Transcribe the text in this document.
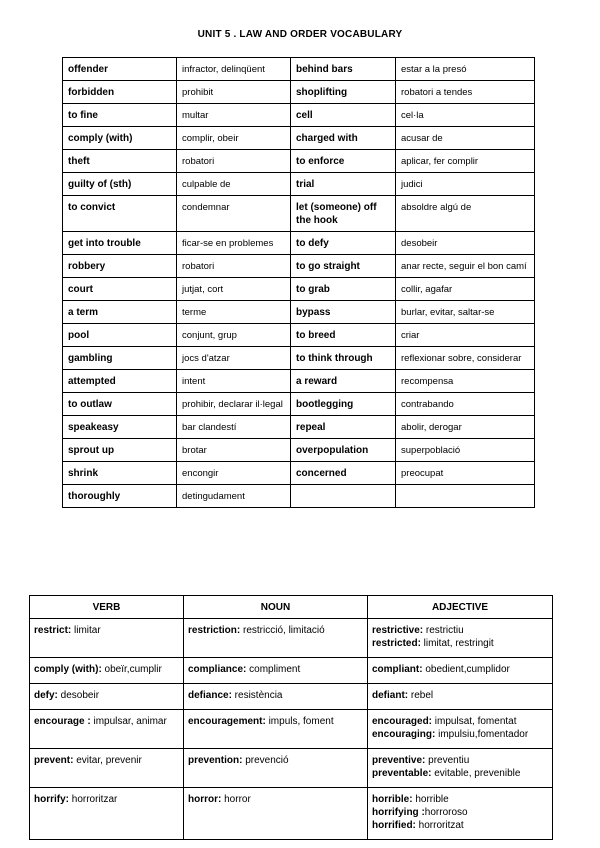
UNIT 5 . LAW AND ORDER VOCABULARY
offender	infractor, delinqüent	behind bars	estar a la presó
forbidden	prohibit	shoplifting	robatori a tendes
to fine	multar	cell	cel·la
comply (with)	complir, obeir	charged with	acusar de
theft	robatori	to enforce	aplicar, fer complir
guilty of (sth)	culpable de	trial	judici
to convict	condemnar	let (someone) off the hook	absoldre algú de
get into trouble	ficar-se en problemes	to defy	desobeir
robbery	robatori	to go straight	anar recte, seguir el bon camí
court	jutjat, cort	to grab	collir, agafar
a term	terme	bypass	burlar, evitar, saltar-se
pool	conjunt, grup	to breed	criar
gambling	jocs d'atzar	to think through	reflexionar sobre, considerar
attempted	intent	a reward	recompensa
to outlaw	prohibir, declarar il·legal	bootlegging	contrabando
speakeasy	bar clandestí	repeal	abolir, derogar
sprout up	brotar	overpopulation	superpoblació
shrink	encongir	concerned	preocupat
thoroughly	detingudament		
VERB	NOUN	ADJECTIVE

restrict: limitar	restriction: restricció, limitació	restrictive: restrictiu
restricted: limitat, restringit

comply (with): obeïr,cumplir	compliance: compliment	compliant: obedient,cumplidor

defy: desobeir	defiance: resistència	defiant: rebel

encourage : impulsar, animar	encouragement: impuls, foment	encouraged: impulsat, fomentat
encouraging: impulsiu,fomentador

prevent: evitar, prevenir	prevention: prevenció	preventive: preventiu
preventable: evitable, prevenible

horrify: horroritzar	horror: horror	horrible: horrible
horrifying :horroroso
horrified: horroritzat
